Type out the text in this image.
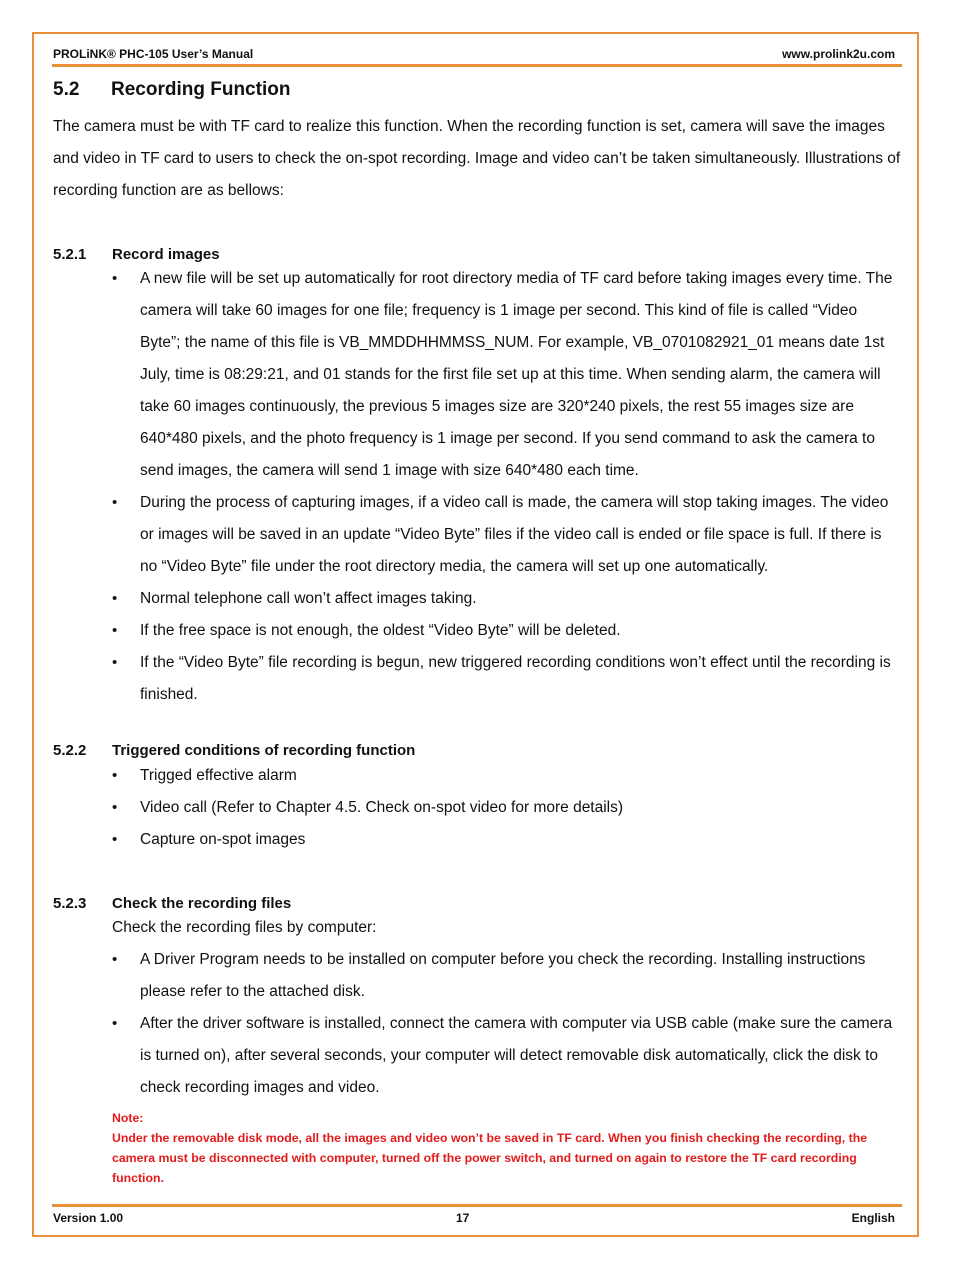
PROLiNK® PHC-105 User’s Manual	www.prolink2u.com
5.2 Recording Function
The camera must be with TF card to realize this function. When the recording function is set, camera will save the images and video in TF card to users to check the on-spot recording. Image and video can’t be taken simultaneously. Illustrations of recording function are as bellows:
5.2.1 Record images
• A new file will be set up automatically for root directory media of TF card before taking images every time. The camera will take 60 images for one file; frequency is 1 image per second. This kind of file is called “Video Byte”; the name of this file is VB_MMDDHHMMSS_NUM. For example, VB_0701082921_01 means date 1st July, time is 08:29:21, and 01 stands for the first file set up at this time. When sending alarm, the camera will take 60 images continuously, the previous 5 images size are 320*240 pixels, the rest 55 images size are 640*480 pixels, and the photo frequency is 1 image per second. If you send command to ask the camera to send images, the camera will send 1 image with size 640*480 each time.
• During the process of capturing images, if a video call is made, the camera will stop taking images. The video or images will be saved in an update “Video Byte” files if the video call is ended or file space is full. If there is no “Video Byte” file under the root directory media, the camera will set up one automatically.
• Normal telephone call won’t affect images taking.
• If the free space is not enough, the oldest “Video Byte” will be deleted.
• If the “Video Byte” file recording is begun, new triggered recording conditions won’t effect until the recording is finished.
5.2.2 Triggered conditions of recording function
• Trigged effective alarm
• Video call (Refer to Chapter 4.5. Check on-spot video for more details)
• Capture on-spot images
5.2.3 Check the recording files
Check the recording files by computer:
• A Driver Program needs to be installed on computer before you check the recording. Installing instructions please refer to the attached disk.
• After the driver software is installed, connect the camera with computer via USB cable (make sure the camera is turned on), after several seconds, your computer will detect removable disk automatically, click the disk to check recording images and video.
Note:
Under the removable disk mode, all the images and video won’t be saved in TF card. When you finish checking the recording, the camera must be disconnected with computer, turned off the power switch, and turned on again to restore the TF card recording function.
Version 1.00	17	English
